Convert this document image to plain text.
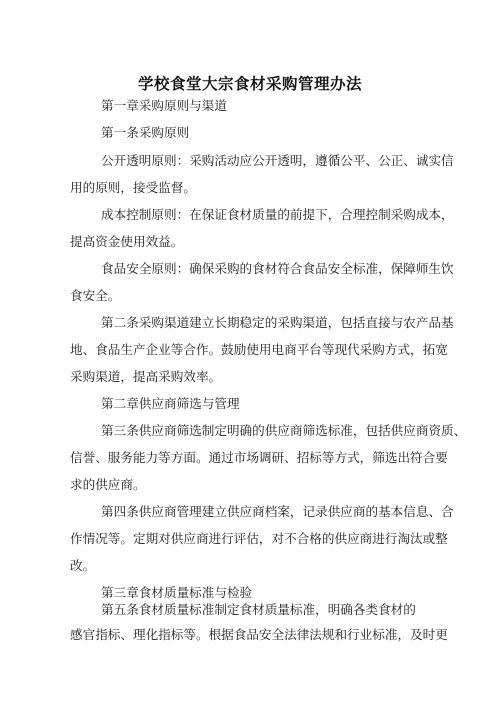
学校食堂大宗食材采购管理办法
第一章采购原则与渠道
第一条采购原则
公开透明原则：采购活动应公开透明，遵循公平、公正、诚实信
用的原则，接受监督。
成本控制原则：在保证食材质量的前提下，合理控制采购成本，
提高资金使用效益。
食品安全原则：确保采购的食材符合食品安全标准，保障师生饮
食安全。
第二条采购渠道建立长期稳定的采购渠道，包括直接与农产品基
地、食品生产企业等合作。鼓励使用电商平台等现代采购方式，拓宽
采购渠道，提高采购效率。
第二章供应商筛选与管理
第三条供应商筛选制定明确的供应商筛选标准，包括供应商资质、
信誉、服务能力等方面。通过市场调研、招标等方式，筛选出符合要
求的供应商。
第四条供应商管理建立供应商档案，记录供应商的基本信息、合
作情况等。定期对供应商进行评估，对不合格的供应商进行淘汰或整
改。
第三章食材质量标准与检验
第五条食材质量标准制定食材质量标准，明确各类食材的
感官指标、理化指标等。根据食品安全法律法规和行业标准，及时更
